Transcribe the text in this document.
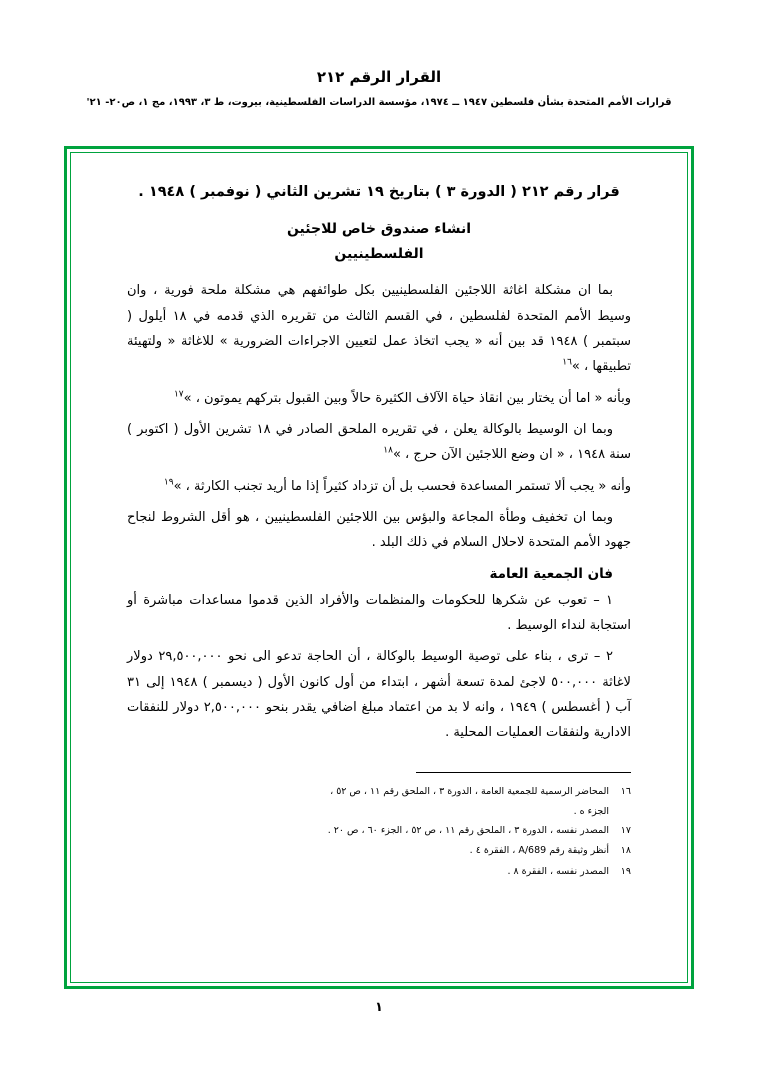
القرار الرقم ٢١٢
قرارات الأمم المتحدة بشأن فلسطين ١٩٤٧ ــ ١٩٧٤، مؤسسة الدراسات الفلسطينية، بيروت، ط ٣، ١٩٩٣، مج ١، ص٢٠- ٢١'
قرار رقم ٢١٢ ( الدورة ٣ ) بتاريخ ١٩ تشرين الثاني ( نوفمبر ) ١٩٤٨ .
انشاء صندوق خاص للاجئين
الفلسطينيين

بما ان مشكلة اغاثة اللاجئين الفلسطينيين بكل طوائفهم هي مشكلة ملحة فورية ، وان وسيط الأمم المتحدة لفلسطين ، في القسم الثالث من تقريره الذي قدمه في ١٨ أيلول ( سبتمبر ) ١٩٤٨ قد بين أنه « يجب اتخاذ عمل لتعيين الاجراءات الضرورية » للاغاثة « ولتهيئة تطبيقها ، »$^{١٦}$

وبأنه « اما أن يختار بين انقاذ حياة الآلاف الكثيرة حالاً وبين القبول بتركهم يموتون ، »$^{١٧}$

وبما ان الوسيط بالوكالة يعلن ، في تقريره الملحق الصادر في ١٨ تشرين الأول ( اكتوبر ) سنة ١٩٤٨ ، « ان وضع اللاجئين الآن حرج ، »$^{١٨}$

وأنه « يجب ألا تستمر المساعدة فحسب بل أن تزداد كثيراً إذا ما أريد تجنب الكارثة ، »$^{١٩}$

وبما ان تخفيف وطأة المجاعة والبؤس بين اللاجئين الفلسطينيين ، هو أقل الشروط لنجاح جهود الأمم المتحدة لاحلال السلام في ذلك البلد .

فان الجمعية العامة

١ – تعوب عن شكرها للحكومات والمنظمات والأفراد الذين قدموا مساعدات مباشرة أو استجابة لنداء الوسيط .

٢ – ترى ، بناء على توصية الوسيط بالوكالة ، أن الحاجة تدعو الى نحو ٢٩,٥٠٠,٠٠٠ دولار لاغاثة ٥٠٠,٠٠٠ لاجئ لمدة تسعة أشهر ، ابتداء من أول كانون الأول ( ديسمبر ) ١٩٤٨ إلى ٣١ آب ( أغسطس ) ١٩٤٩ ، وانه لا بد من اعتماد مبلغ اضافي يقدر بنحو ٢,٥٠٠,٠٠٠ دولار للنفقات الادارية ولنفقات العمليات المحلية .

١٦
المحاضر الرسمية للجمعية العامة ، الدورة ٣ ، الملحق رقم ١١ ، ص ٥٢ ،
الجزء ه .
١٧
المصدر نفسه ، الدورة ٣ ، الملحق رقم ١١ ، ص ٥٢ ، الجزء ٦٠ ، ص ٢٠ .
١٨
أنظر وثيقة رقم A/689 ، الفقرة ٤ .
١٩
المصدر نفسه ، الفقرة ٨ .
١
